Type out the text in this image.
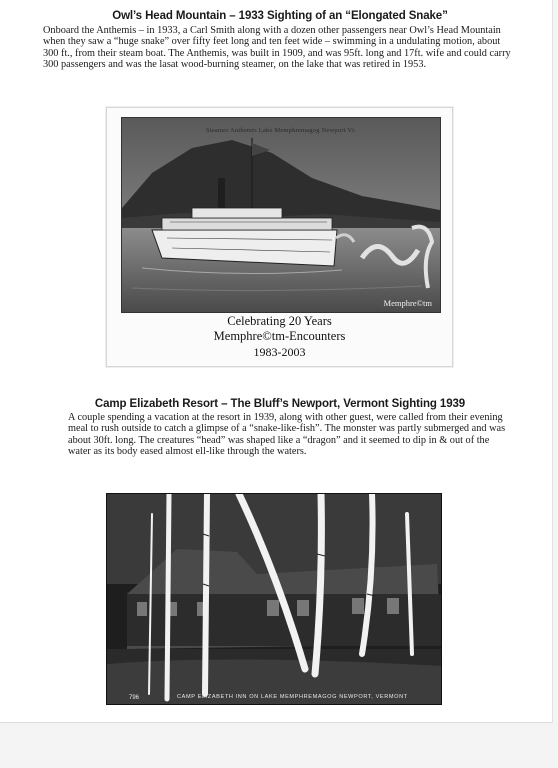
Owl’s Head Mountain – 1933 Sighting of an “Elongated Snake”
Onboard the Anthemis – in 1933, a Carl Smith along with a dozen other passengers near Owl’s Head Mountain when they saw a “huge snake” over fifty feet long and ten feet wide – swimming in a undulating motion, about 300 ft., from their steam boat. The Anthemis, was built in 1909, and was 95ft. long and 17ft. wife and could carry 300 passengers and was the lasat wood-burning steamer, on the lake that was retired in 1953.
Steamer Anthemis Lake Memphremagog Newport Vt.
Memphre©tm
Celebrating 20 Years
Memphre©tm-Encounters
1983-2003
Camp Elizabeth Resort – The Bluff’s Newport, Vermont Sighting 1939
A couple spending a vacation at the resort in 1939, along with other guest, were called from their evening meal to rush outside to catch a glimpse of a “snake-like-fish”. The monster was partly submerged and was about 30ft. long. The creatures “head” was shaped like a “dragon” and it seemed to dip in & out of the water as its body eased almost ell-like through the waters.
796	CAMP ELIZABETH INN ON LAKE MEMPHREMAGOG NEWPORT, VERMONT
